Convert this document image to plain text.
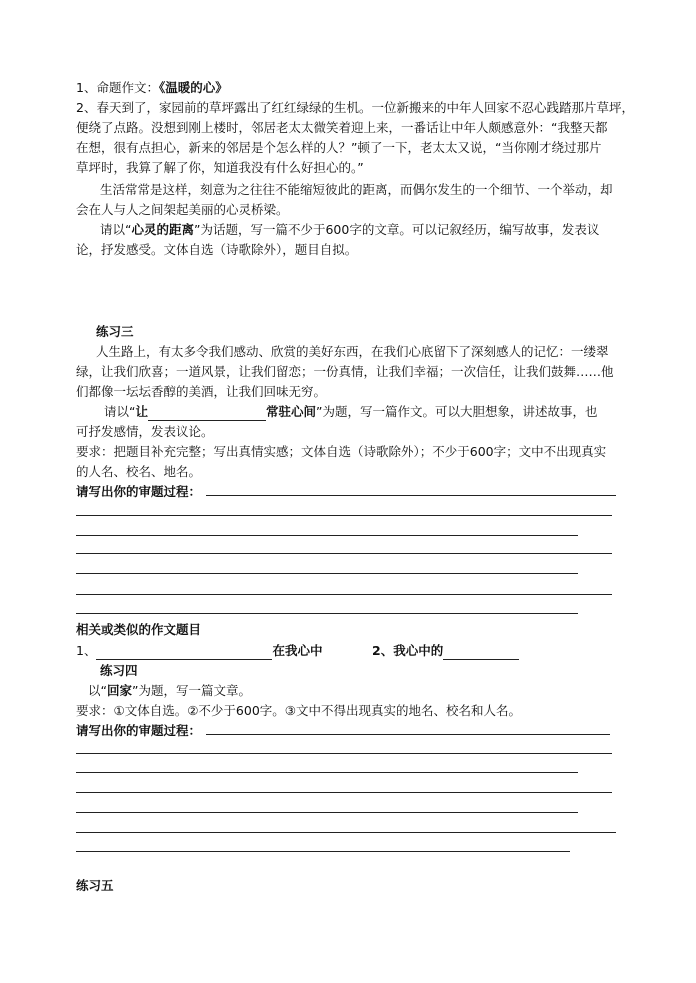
1、命题作文：《温暖的心》
2、春天到了，家园前的草坪露出了红红绿绿的生机。一位新搬来的中年人回家不忍心践踏那片草坪，
便绕了点路。没想到刚上楼时，邻居老太太微笑着迎上来，一番话让中年人颇感意外：“我整天都
在想，很有点担心，新来的邻居是个怎么样的人？”顿了一下，老太太又说，“当你刚才绕过那片
草坪时，我算了解了你，知道我没有什么好担心的。”
生活常常是这样，刻意为之往往不能缩短彼此的距离，而偶尔发生的一个细节、一个举动，却
会在人与人之间架起美丽的心灵桥梁。
请以“心灵的距离”为话题，写一篇不少于600字的文章。可以记叙经历，编写故事，发表议
论，抒发感受。文体自选（诗歌除外），题目自拟。
练习三
人生路上，有太多令我们感动、欣赏的美好东西，在我们心底留下了深刻感人的记忆：一缕翠
绿，让我们欣喜；一道风景，让我们留恋；一份真情，让我们幸福；一次信任，让我们鼓舞……他
们都像一坛坛香醇的美酒，让我们回味无穷。
请以“让	常驻心间”为题，写一篇作文。可以大胆想象，讲述故事，也
可抒发感情，发表议论。
要求：把题目补充完整；写出真情实感；文体自选（诗歌除外）；不少于600字；文中不出现真实
的人名、校名、地名。
请写出你的审题过程：
相关或类似的作文题目
1、	在我心中	2、我心中的
练习四
以“回家”为题，写一篇文章。
要求：①文体自选。②不少于600字。③文中不得出现真实的地名、校名和人名。
请写出你的审题过程：
练习五
